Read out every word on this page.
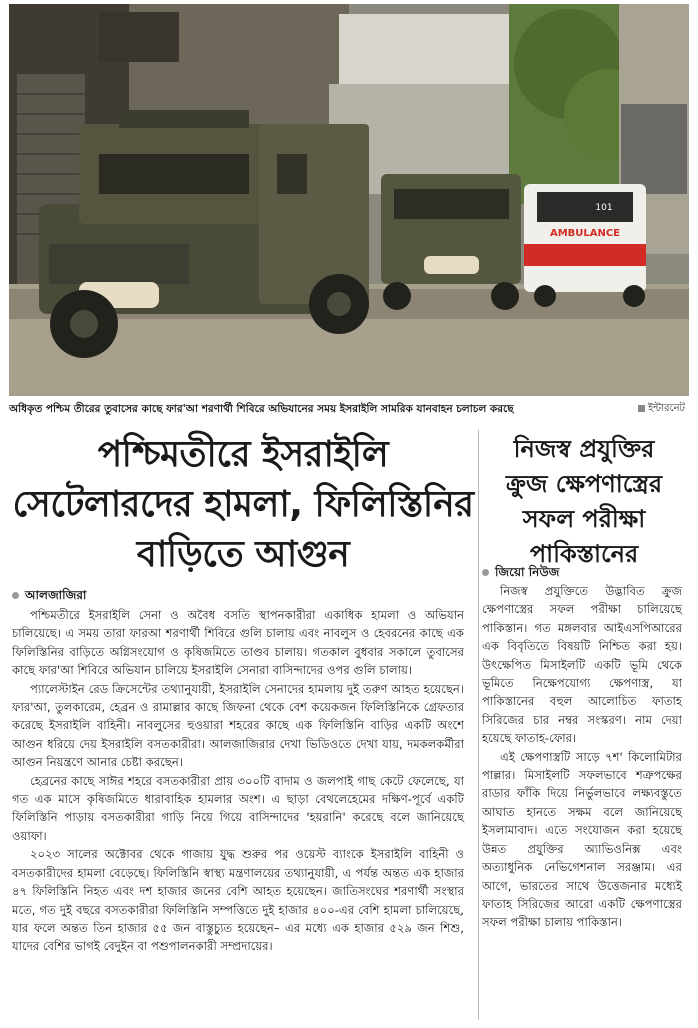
AMBULANCE
101
অধিকৃত পশ্চিম তীরের তুবাসের কাছে ফার'আ শরণার্থী শিবিরে অভিযানের সময় ইসরাইলি সামরিক যানবাহন চলাচল করছে	ইন্টারনেট
পশ্চিমতীরে ইসরাইলি
সেটেলারদের হামলা, ফিলিস্তিনির
বাড়িতে আগুন
আলজাজিরা

পশ্চিমতীরে ইসরাইলি সেনা ও অবৈধ বসতি স্থাপনকারীরা একাধিক হামলা ও অভিযান চালিয়েছে। এ সময় তারা ফারআ শরণার্থী শিবিরে গুলি চালায় এবং নাবলুস ও হেবরনের কাছে এক ফিলিস্তিনির বাড়িতে অগ্নিসংযোগ ও কৃষিজমিতে তাণ্ডব চালায়। গতকাল বুধবার সকালে তুবাসের কাছে ফার'আ শিবিরে অভিযান চালিয়ে ইসরাইলি সেনারা বাসিন্দাদের ওপর গুলি চালায়।

প্যালেস্টাইন রেড ক্রিসেন্টের তথ্যানুযায়ী, ইসরাইলি সেনাদের হামলায় দুই তরুণ আহত হয়েছেন। ফার'আ, তুলকারেম, হেব্রন ও রামাল্লার কাছে জিফনা থেকে বেশ কয়েকজন ফিলিস্তিনিকে গ্রেফতার করেছে ইসরাইলি বাহিনী। নাবলুসের হুওয়ারা শহরের কাছে এক ফিলিস্তিনি বাড়ির একটি অংশে আগুন ধরিয়ে দেয় ইসরাইলি বসতকারীরা। আলজাজিরার দেখা ভিডিওতে দেখা যায়, দমকলকর্মীরা আগুন নিয়ন্ত্রণে আনার চেষ্টা করছেন।

হেব্রনের কাছে সাঈর শহরে বসতকারীরা প্রায় ৩০০টি বাদাম ও জলপাই গাছ কেটে ফেলেছে, যা গত এক মাসে কৃষিজমিতে ধারাবাহিক হামলার অংশ। এ ছাড়া বেথলেহেমের দক্ষিণ-পূর্বে একটি ফিলিস্তিনি পাড়ায় বসতকারীরা গাড়ি নিয়ে গিয়ে বাসিন্দাদের 'হয়রানি' করেছে বলে জানিয়েছে ওয়াফা।

২০২৩ সালের অক্টোবর থেকে গাজায় যুদ্ধ শুরুর পর ওয়েস্ট ব্যাংকে ইসরাইলি বাহিনী ও বসতকারীদের হামলা বেড়েছে। ফিলিস্তিনি স্বাস্থ্য মন্ত্রণালয়ের তথ্যানুযায়ী, এ পর্যন্ত অন্তত এক হাজার ৪৭ ফিলিস্তিনি নিহত এবং দশ হাজার জনের বেশি আহত হয়েছেন। জাতিসংঘের শরণার্থী সংস্থার মতে, গত দুই বছরে বসতকারীরা ফিলিস্তিনি সম্পত্তিতে দুই হাজার ৪০০-এর বেশি হামলা চালিয়েছে, যার ফলে অন্তত তিন হাজার ৫৫ জন বাস্তুচ্যুত হয়েছেন– এর মধ্যে এক হাজার ৫২৯ জন শিশু, যাদের বেশির ভাগই বেদুইন বা পশুপালনকারী সম্প্রদায়ের।

নিজস্ব প্রযুক্তির
ক্রুজ ক্ষেপণাস্ত্রের
সফল পরীক্ষা
পাকিস্তানের
জিয়ো নিউজ

নিজস্ব প্রযুক্তিতে উদ্ভাবিত ক্রুজ ক্ষেপণাস্ত্রের সফল পরীক্ষা চালিয়েছে পাকিস্তান। গত মঙ্গলবার আইএসপিআরের এক বিবৃতিতে বিষয়টি নিশ্চিত করা হয়। উৎক্ষেপিত মিসাইলটি একটি ভূমি থেকে ভূমিতে নিক্ষেপযোগ্য ক্ষেপণাস্ত্র, যা পাকিস্তানের বহুল আলোচিত ফাতাহ সিরিজের চার নম্বর সংস্করণ। নাম দেয়া হয়েছে ফাতাহ-ফোর।

এই ক্ষেপণাস্ত্রটি সাড়ে ৭শ' কিলোমিটার পাল্লার। মিসাইলটি সফলভাবে শত্রুপক্ষের রাডার ফাঁকি দিয়ে নির্ভুলভাবে লক্ষ্যবস্তুতে আঘাত হানতে সক্ষম বলে জানিয়েছে ইসলামাবাদ। এতে সংযোজন করা হয়েছে উন্নত প্রযুক্তির অ্যাভিওনিক্স এবং অত্যাধুনিক নেভিগেশনাল সরঞ্জাম। এর আগে, ভারতের সাথে উত্তেজনার মধ্যেই ফাতাহ সিরিজের আরো একটি ক্ষেপণাস্ত্রের সফল পরীক্ষা চালায় পাকিস্তান।
